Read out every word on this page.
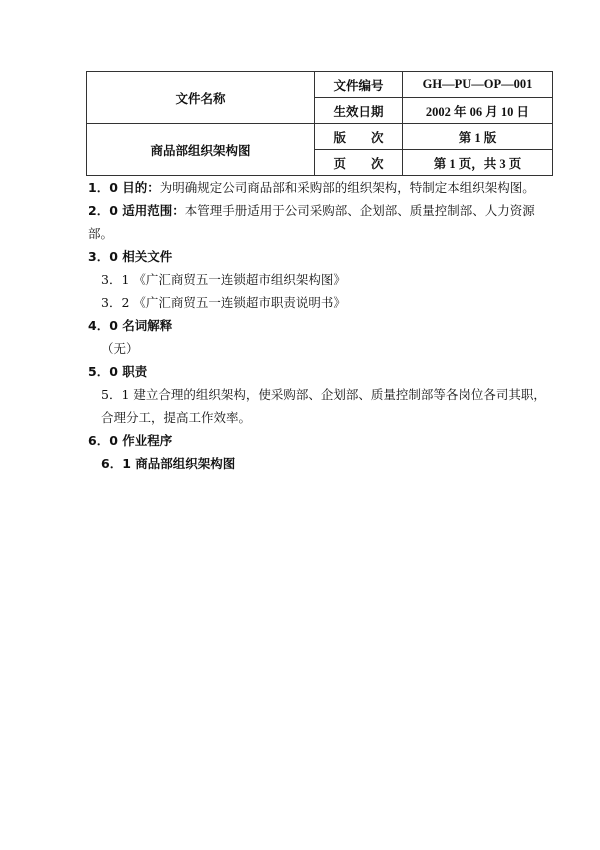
文件名称	文件编号	GH—PU—OP—001
	生效日期	2002 年 06 月 10 日
商品部组织架构图	版　　次	第 1 版
	页　　次	第 1 页，共 3 页
1．0 目的：为明确规定公司商品部和采购部的组织架构，特制定本组织架构图。
2．0 适用范围：本管理手册适用于公司采购部、企划部、质量控制部、人力资源部。
3．0 相关文件
3．1 《广汇商贸五一连锁超市组织架构图》
3．2 《广汇商贸五一连锁超市职责说明书》
4．0 名词解释
（无）
5．0 职责
5．1 建立合理的组织架构，使采购部、企划部、质量控制部等各岗位各司其职，合理分工，提高工作效率。
6．0 作业程序
6．1 商品部组织架构图
